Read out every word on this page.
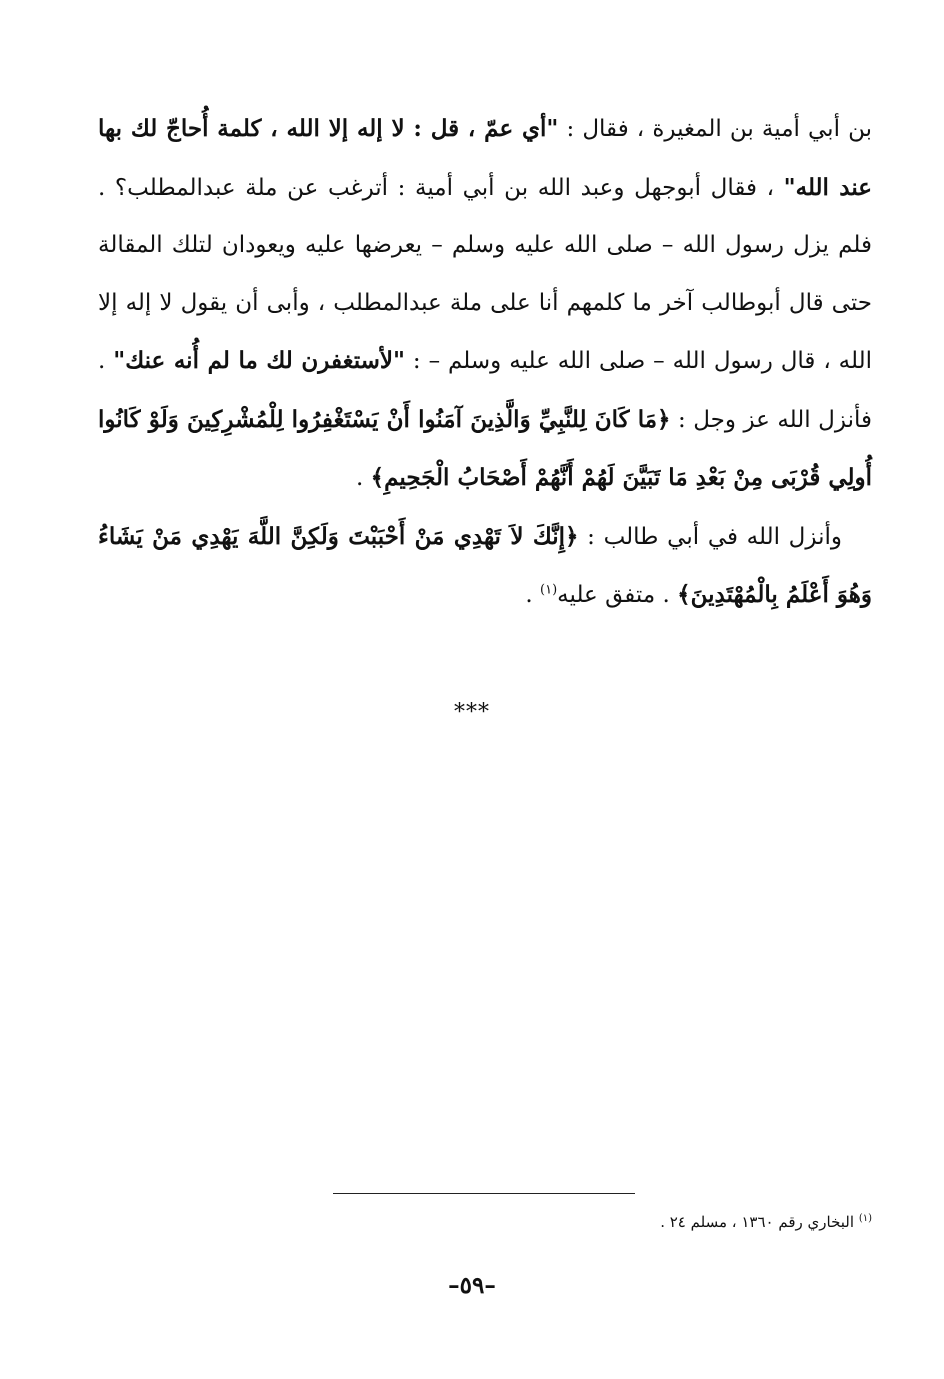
بن أبي أمية بن المغيرة ، فقال : "أي عمّ ، قل : لا إله إلا الله ، كلمة أُحاجّ لك بها عند الله" ، فقال أبوجهل وعبد الله بن أبي أمية : أترغب عن ملة عبدالمطلب؟ . فلم يزل رسول الله – صلى الله عليه وسلم – يعرضها عليه ويعودان لتلك المقالة حتى قال أبوطالب آخر ما كلمهم أنا على ملة عبدالمطلب ، وأبى أن يقول لا إله إلا الله ، قال رسول الله – صلى الله عليه وسلم – : "لأستغفرن لك ما لم أُنه عنك" . فأنزل الله عز وجل : ﴿مَا كَانَ لِلنَّبِيِّ وَالَّذِينَ آمَنُوا أَنْ يَسْتَغْفِرُوا لِلْمُشْرِكِينَ وَلَوْ كَانُوا أُولِي قُرْبَى مِنْ بَعْدِ مَا تَبَيَّنَ لَهُمْ أَنَّهُمْ أَصْحَابُ الْجَحِيمِ﴾ .

وأنزل الله في أبي طالب : ﴿إِنَّكَ لاَ تَهْدِي مَنْ أَحْبَبْتَ وَلَكِنَّ اللَّهَ يَهْدِي مَنْ يَشَاءُ وَهُوَ أَعْلَمُ بِالْمُهْتَدِينَ﴾ . متفق عليه$^{(١)}$ .

***
$^{(١)}$ البخاري رقم ١٣٦٠ ، مسلم ٢٤ .
–٥٩–
